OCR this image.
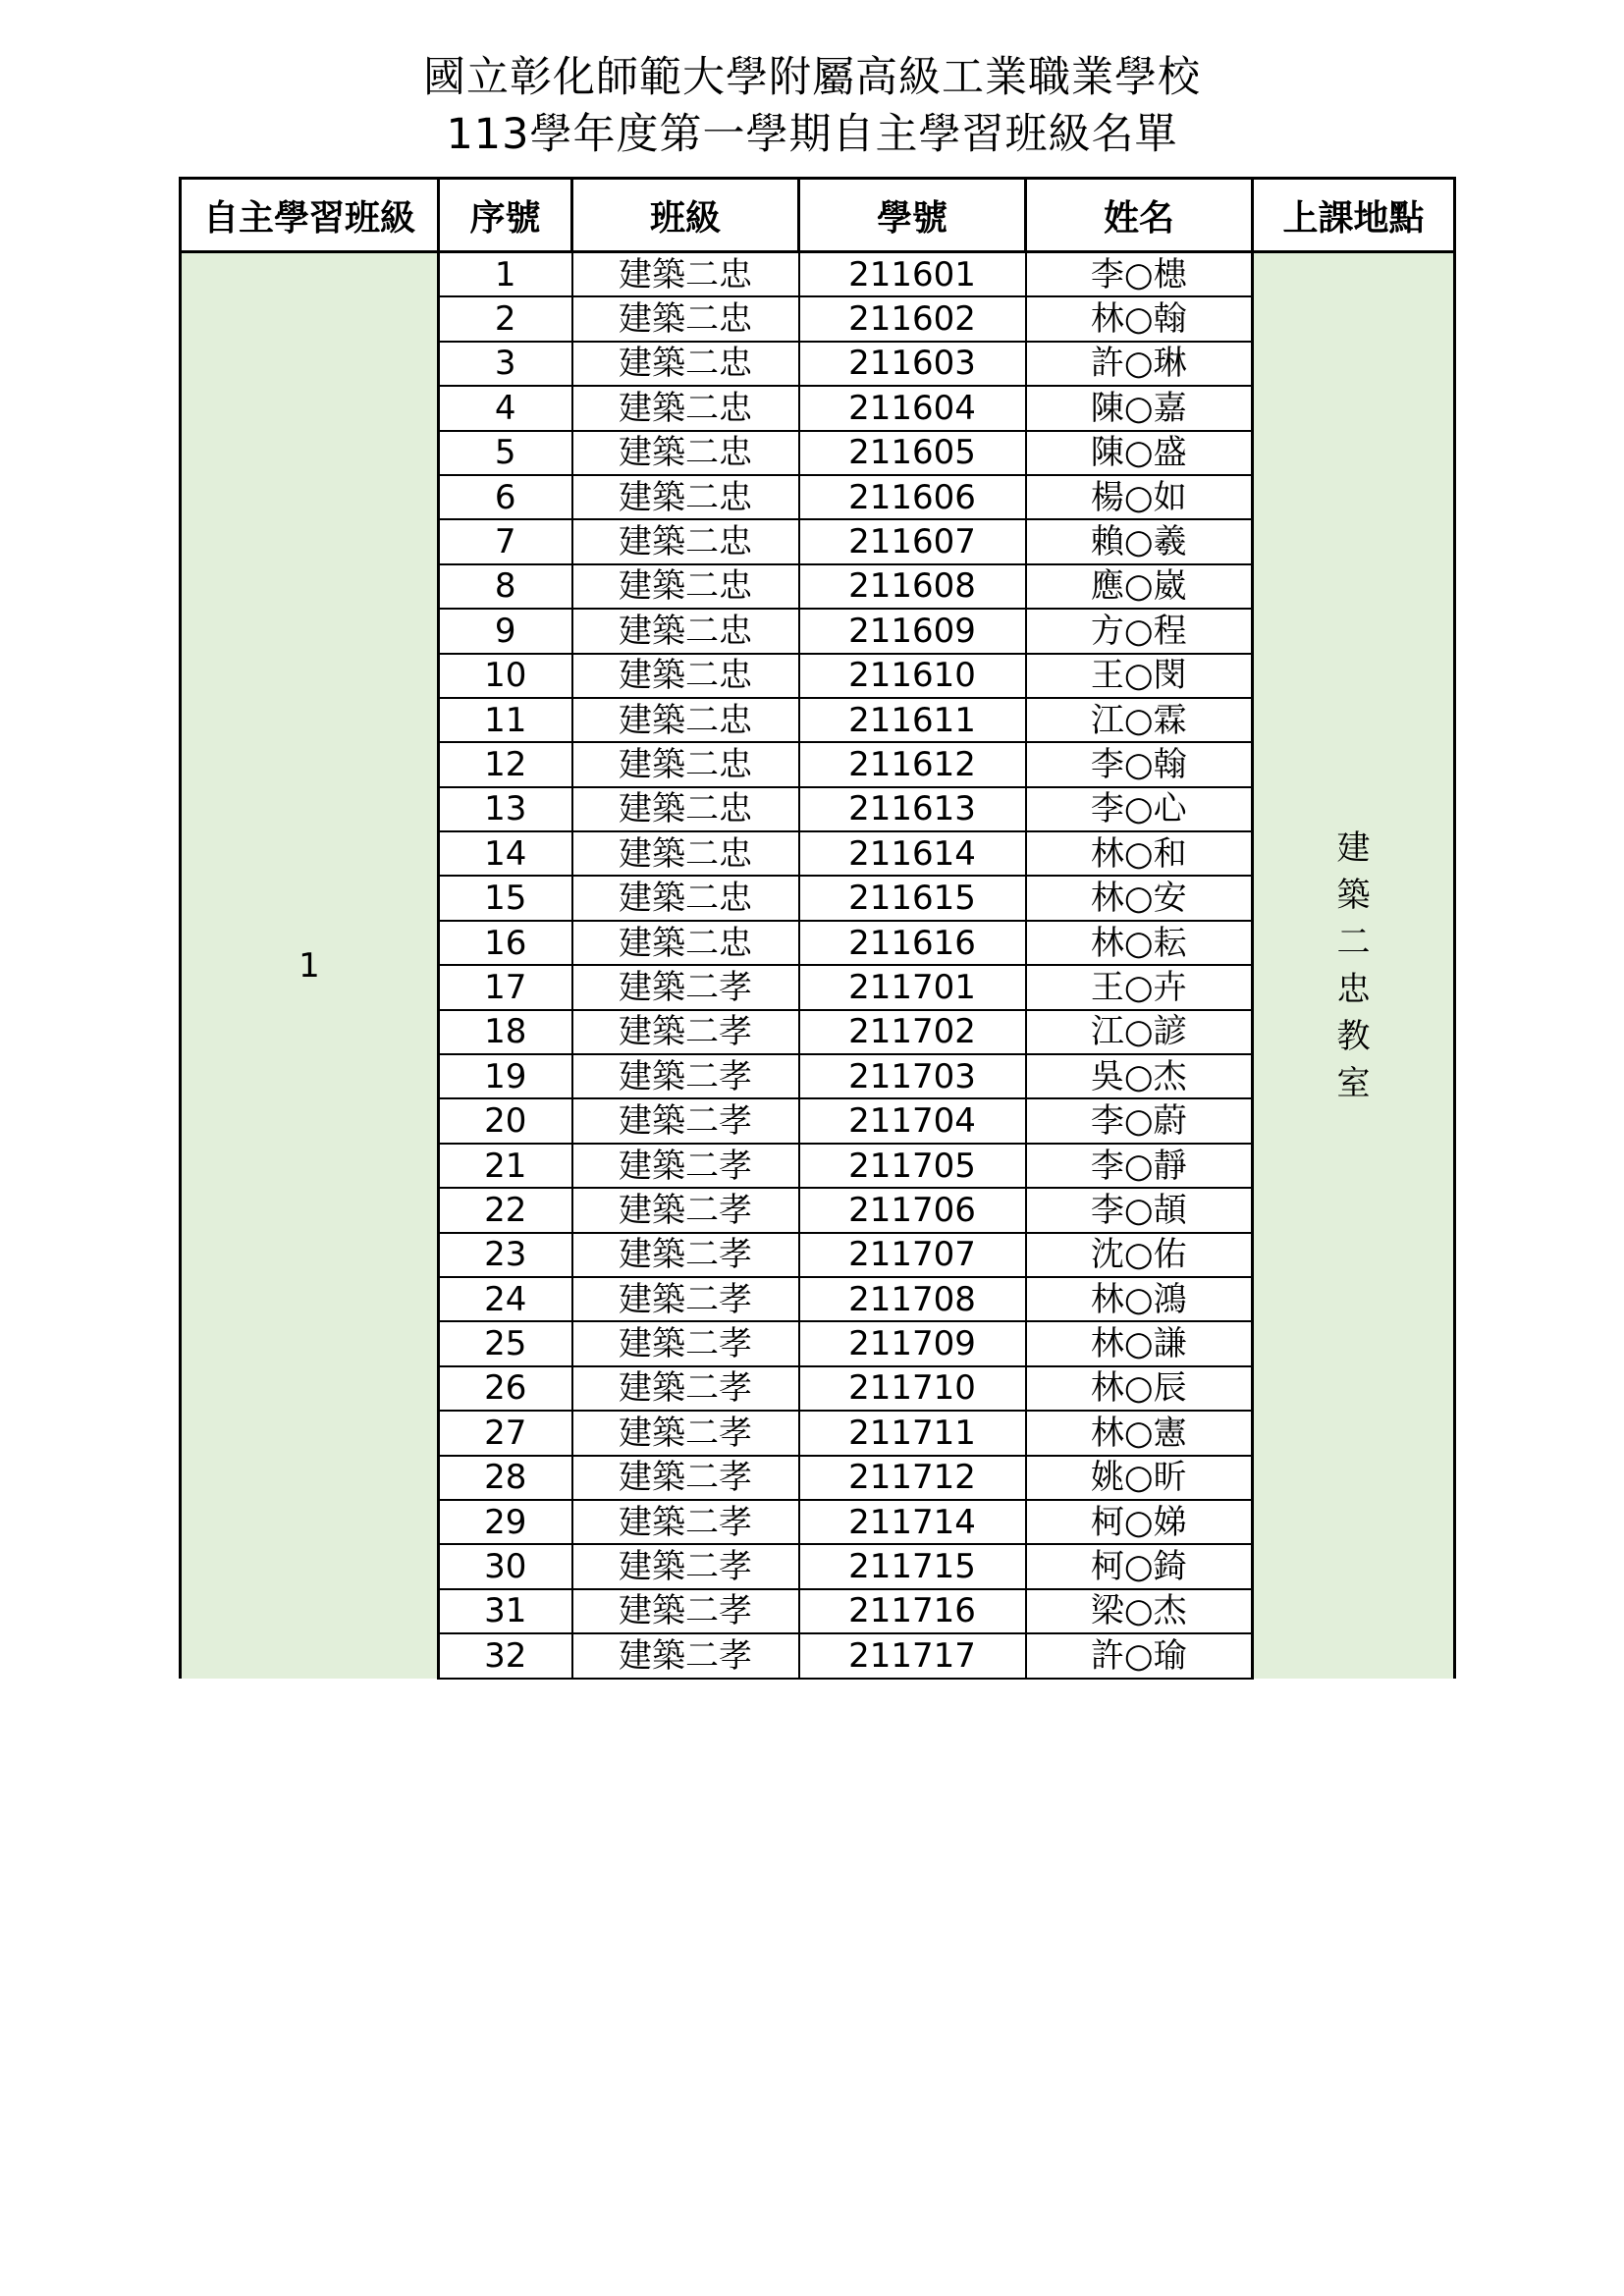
國立彰化師範大學附屬高級工業職業學校
113學年度第一學期自主學習班級名單
自主學習班級	序號	班級	學號	姓名	上課地點
1	1	建築二忠	211601	李○槵	建築二忠教室
	2	建築二忠	211602	林○翰	
	3	建築二忠	211603	許○琳	
	4	建築二忠	211604	陳○嘉	
	5	建築二忠	211605	陳○盛	
	6	建築二忠	211606	楊○如	
	7	建築二忠	211607	賴○羲	
	8	建築二忠	211608	應○崴	
	9	建築二忠	211609	方○程	
	10	建築二忠	211610	王○閔	
	11	建築二忠	211611	江○霖	
	12	建築二忠	211612	李○翰	
	13	建築二忠	211613	李○心	
	14	建築二忠	211614	林○和	
	15	建築二忠	211615	林○安	
	16	建築二忠	211616	林○耘	
	17	建築二孝	211701	王○卉	
	18	建築二孝	211702	江○諺	
	19	建築二孝	211703	吳○杰	
	20	建築二孝	211704	李○蔚	
	21	建築二孝	211705	李○靜	
	22	建築二孝	211706	李○頡	
	23	建築二孝	211707	沈○佑	
	24	建築二孝	211708	林○鴻	
	25	建築二孝	211709	林○謙	
	26	建築二孝	211710	林○辰	
	27	建築二孝	211711	林○憲	
	28	建築二孝	211712	姚○昕	
	29	建築二孝	211714	柯○娣	
	30	建築二孝	211715	柯○錡	
	31	建築二孝	211716	梁○杰	
	32	建築二孝	211717	許○瑜	
